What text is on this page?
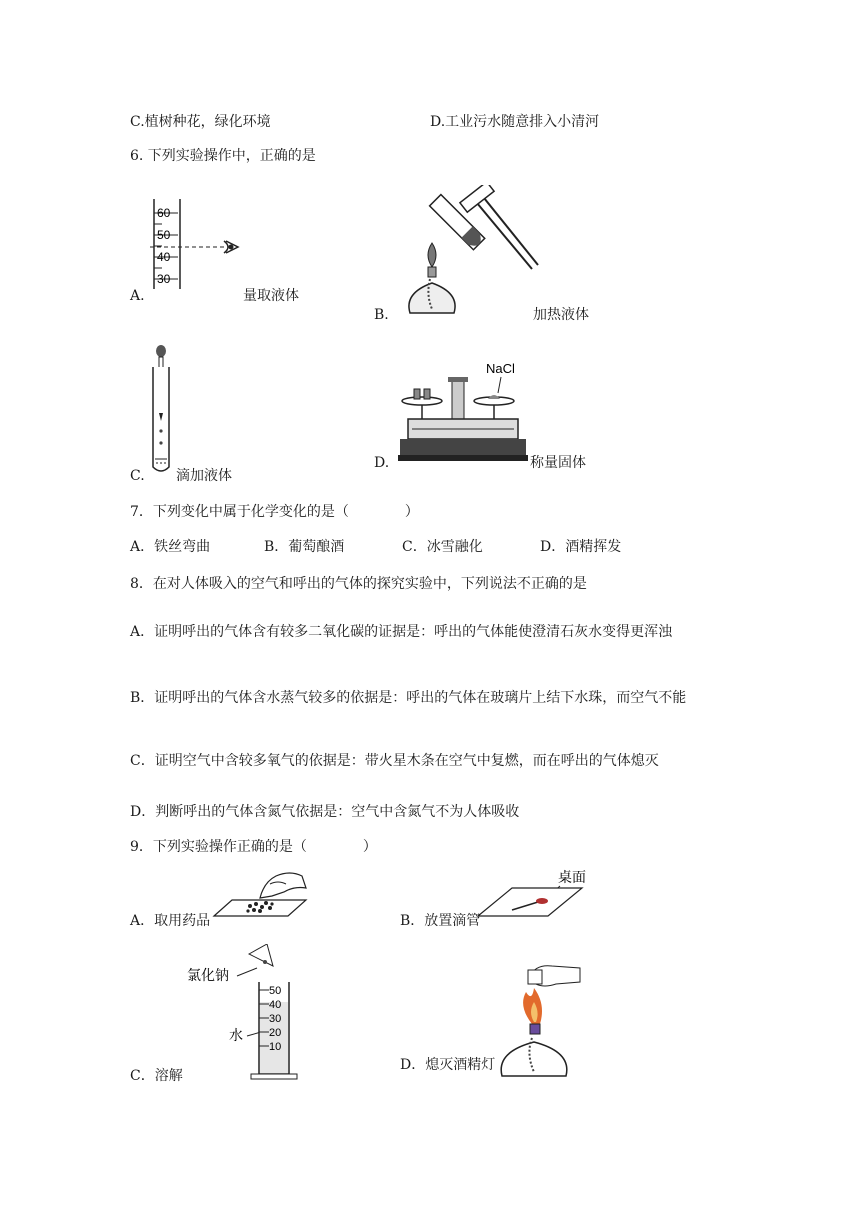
C.植树种花，绿化环境	D.工业污水随意排入小清河
6. 下列实验操作中，正确的是
60
50
40
30
A.	量取液体
B.	加热液体
C. 滴加液体
NaCl
D.	称量固体
7．下列变化中属于化学变化的是（　　　　）
A．铁丝弯曲	B．葡萄酿酒	C．冰雪融化	D．酒精挥发
8．在对人体吸入的空气和呼出的气体的探究实验中，下列说法不正确的是
A．证明呼出的气体含有较多二氧化碳的证据是：呼出的气体能使澄清石灰水变得更浑浊
B．证明呼出的气体含水蒸气较多的依据是：呼出的气体在玻璃片上结下水珠，而空气不能
C．证明空气中含较多氧气的依据是：带火星木条在空气中复燃，而在呼出的气体熄灭
D．判断呼出的气体含氮气依据是：空气中含氮气不为人体吸收
9．下列实验操作正确的是（　　　　）
A．取用药品
桌面
B．放置滴管
氯化钠
水
50
40
30
20
10
C．溶解
D．熄灭酒精灯
